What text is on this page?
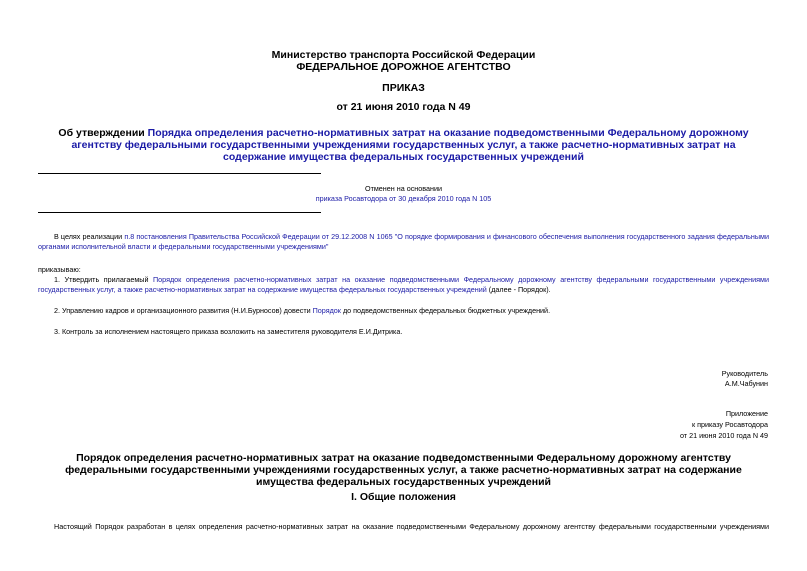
Министерство транспорта Российской Федерации
ФЕДЕРАЛЬНОЕ ДОРОЖНОЕ АГЕНТСТВО
ПРИКАЗ
от 21 июня 2010 года N 49
Об утверждении Порядка определения расчетно-нормативных затрат на оказание подведомственными Федеральному дорожному агентству федеральными государственными учреждениями государственных услуг, а также расчетно-нормативных затрат на содержание имущества федеральных государственных учреждений
Отменен на основании
приказа Росавтодора от 30 декабря 2010 года N 105
В целях реализации п.8 постановления Правительства Российской Федерации от 29.12.2008 N 1065 "О порядке формирования и финансового обеспечения выполнения государственного задания федеральными органами исполнительной власти и федеральными государственными учреждениями"
приказываю:
1. Утвердить прилагаемый Порядок определения расчетно-нормативных затрат на оказание подведомственными Федеральному дорожному агентству федеральными государственными учреждениями государственных услуг, а также расчетно-нормативных затрат на содержание имущества федеральных государственных учреждений (далее - Порядок).
2. Управлению кадров и организационного развития (Н.И.Бурносов) довести Порядок до подведомственных федеральных бюджетных учреждений.
3. Контроль за исполнением настоящего приказа возложить на заместителя руководителя Е.И.Дитрика.
Руководитель
А.М.Чабунин
Приложение
к приказу Росавтодора
от 21 июня 2010 года N 49
Порядок определения расчетно-нормативных затрат на оказание подведомственными Федеральному дорожному агентству федеральными государственными учреждениями государственных услуг, а также расчетно-нормативных затрат на содержание имущества федеральных государственных учреждений
I. Общие положения
Настоящий Порядок разработан в целях определения расчетно-нормативных затрат на оказание подведомственными Федеральному дорожному агентству федеральными государственными учреждениями
